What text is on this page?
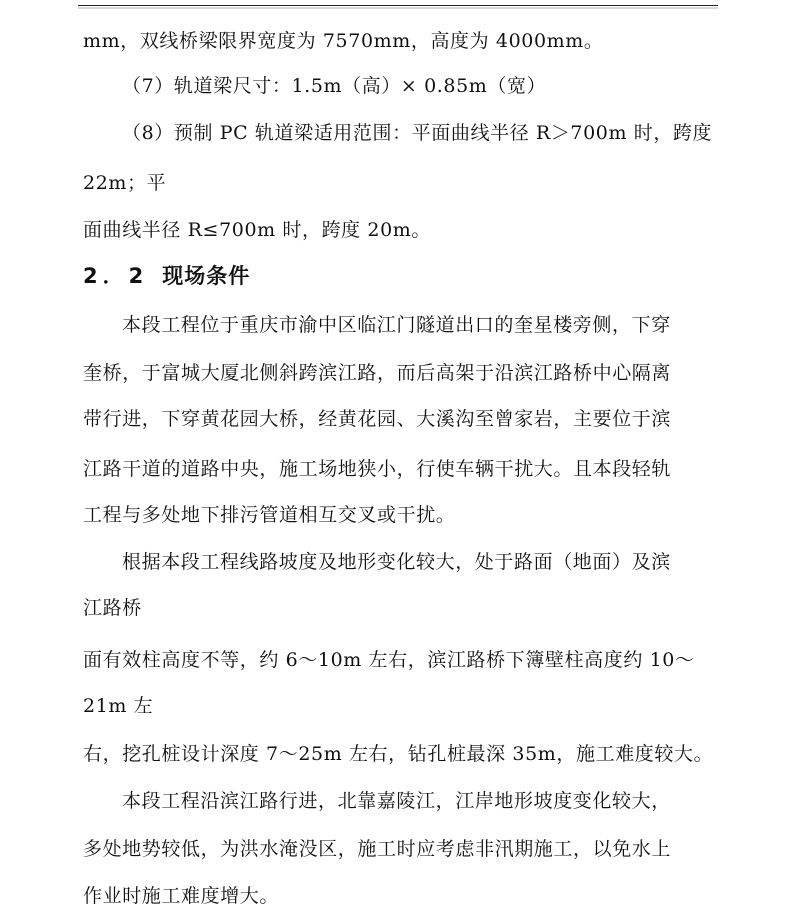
mm，双线桥梁限界宽度为 7570mm，高度为 4000mm。
（7）轨道梁尺寸：1.5m（高）× 0.85m（宽）
（8）预制 PC 轨道梁适用范围：平面曲线半径 R＞700m 时，跨度
22m；平
面曲线半径 R≤700m 时，跨度 20m。
2．2 现场条件
本段工程位于重庆市渝中区临江门隧道出口的奎星楼旁侧，下穿
奎桥，于富城大厦北侧斜跨滨江路，而后高架于沿滨江路桥中心隔离
带行进，下穿黄花园大桥，经黄花园、大溪沟至曾家岩，主要位于滨
江路干道的道路中央，施工场地狭小，行使车辆干扰大。且本段轻轨
工程与多处地下排污管道相互交叉或干扰。
根据本段工程线路坡度及地形变化较大，处于路面（地面）及滨
江路桥
面有效柱高度不等，约 6～10m 左右，滨江路桥下簿壁柱高度约 10～
21m 左
右，挖孔桩设计深度 7～25m 左右，钻孔桩最深 35m，施工难度较大。
本段工程沿滨江路行进，北靠嘉陵江，江岸地形坡度变化较大，
多处地势较低，为洪水淹没区，施工时应考虑非汛期施工，以免水上
作业时施工难度增大。
